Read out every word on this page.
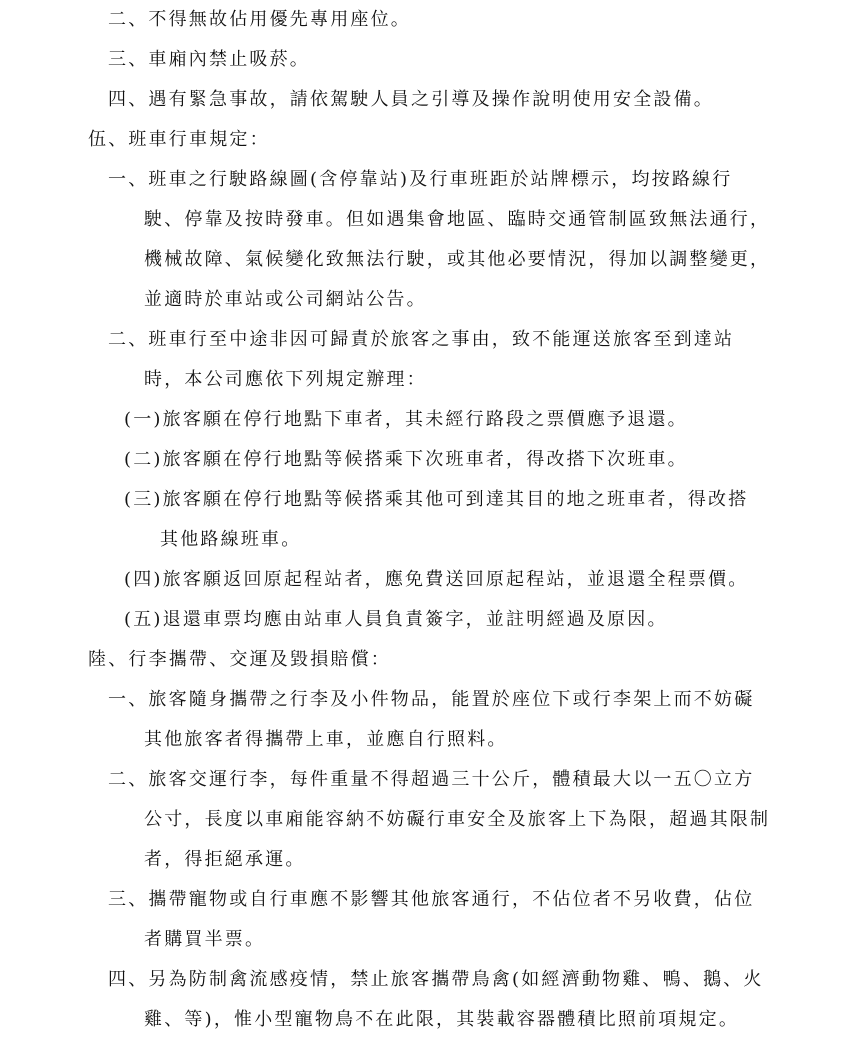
二、不得無故佔用優先專用座位。
三、車廂內禁止吸菸。
四、遇有緊急事故，請依駕駛人員之引導及操作說明使用安全設備。
伍、班車行車規定：
一、班車之行駛路線圖(含停靠站)及行車班距於站牌標示，均按路線行
駛、停靠及按時發車。但如遇集會地區、臨時交通管制區致無法通行，
機械故障、氣候變化致無法行駛，或其他必要情況，得加以調整變更，
並適時於車站或公司網站公告。
二、班車行至中途非因可歸責於旅客之事由，致不能運送旅客至到達站
時，本公司應依下列規定辦理：
(一)旅客願在停行地點下車者，其未經行路段之票價應予退還。
(二)旅客願在停行地點等候搭乘下次班車者，得改搭下次班車。
(三)旅客願在停行地點等候搭乘其他可到達其目的地之班車者，得改搭
其他路線班車。
(四)旅客願返回原起程站者，應免費送回原起程站，並退還全程票價。
(五)退還車票均應由站車人員負責簽字，並註明經過及原因。
陸、行李攜帶、交運及毀損賠償：
一、旅客隨身攜帶之行李及小件物品，能置於座位下或行李架上而不妨礙
其他旅客者得攜帶上車，並應自行照料。
二、旅客交運行李，每件重量不得超過三十公斤，體積最大以一五〇立方
公寸，長度以車廂能容納不妨礙行車安全及旅客上下為限，超過其限制
者，得拒絕承運。
三、攜帶寵物或自行車應不影響其他旅客通行，不佔位者不另收費，佔位
者購買半票。
四、另為防制禽流感疫情，禁止旅客攜帶鳥禽(如經濟動物雞、鴨、鵝、火
雞、等)，惟小型寵物鳥不在此限，其裝載容器體積比照前項規定。
